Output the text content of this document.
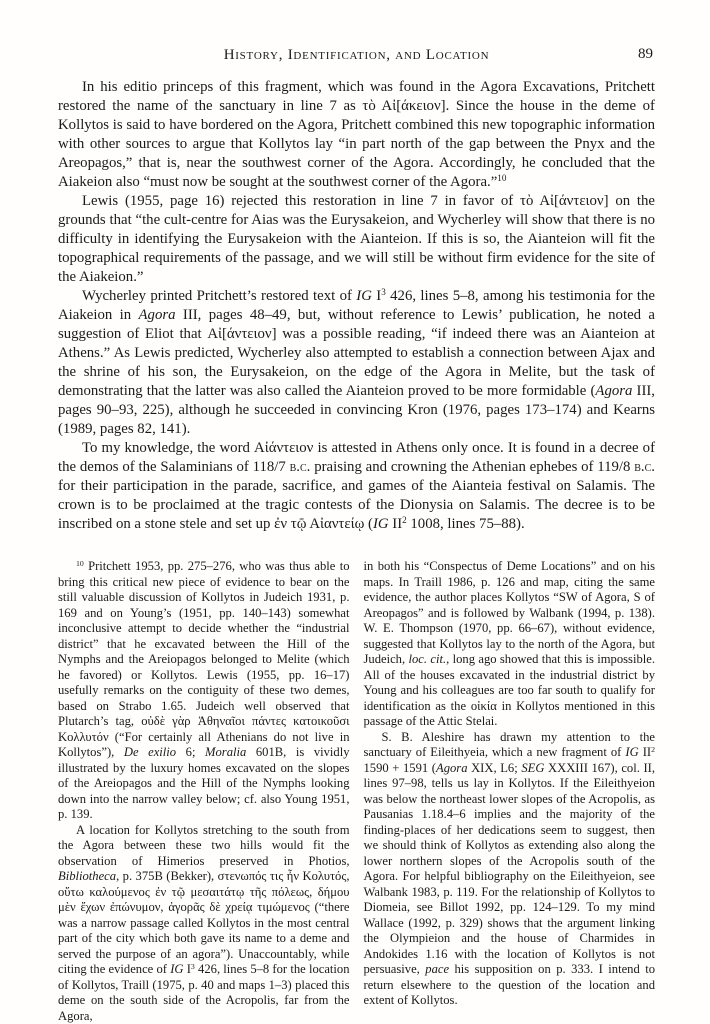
History, Identification, and Location	89

In his editio princeps of this fragment, which was found in the Agora Excavations, Pritchett restored the name of the sanctuary in line 7 as τὸ Αἰ[άκειον]. Since the house in the deme of Kollytos is said to have bordered on the Agora, Pritchett combined this new topographic information with other sources to argue that Kollytos lay “in part north of the gap between the Pnyx and the Areopagos,” that is, near the southwest corner of the Agora. Accordingly, he concluded that the Aiakeion also “must now be sought at the southwest corner of the Agora.”$^{10}$

Lewis (1955, page 16) rejected this restoration in line 7 in favor of τὸ Αἰ[άντειον] on the grounds that “the cult-centre for Aias was the Eurysakeion, and Wycherley will show that there is no difficulty in identifying the Eurysakeion with the Aianteion. If this is so, the Aianteion will fit the topographical requirements of the passage, and we will still be without firm evidence for the site of the Aiakeion.”

Wycherley printed Pritchett’s restored text of IG $I^3$ 426, lines 5–8, among his testimonia for the Aiakeion in Agora III, pages 48–49, but, without reference to Lewis’ publication, he noted a suggestion of Eliot that Αἰ[άντειον] was a possible reading, “if indeed there was an Aianteion at Athens.” As Lewis predicted, Wycherley also attempted to establish a connection between Ajax and the shrine of his son, the Eurysakeion, on the edge of the Agora in Melite, but the task of demonstrating that the latter was also called the Aianteion proved to be more formidable (Agora III, pages 90–93, 225), although he succeeded in convincing Kron (1976, pages 173–174) and Kearns (1989, pages 82, 141).

To my knowledge, the word Αἰάντειον is attested in Athens only once. It is found in a decree of the demos of the Salaminians of 118/7 b.c. praising and crowning the Athenian ephebes of 119/8 b.c. for their participation in the parade, sacrifice, and games of the Aianteia festival on Salamis. The crown is to be proclaimed at the tragic contests of the Dionysia on Salamis. The decree is to be inscribed on a stone stele and set up ἐν τῷ Αἰαντείῳ (IG $II^2$ 1008, lines 75–88).

$^{10}$ Pritchett 1953, pp. 275–276, who was thus able to bring this critical new piece of evidence to bear on the still valuable discussion of Kollytos in Judeich 1931, p. 169 and on Young’s (1951, pp. 140–143) somewhat inconclusive attempt to decide whether the “industrial district” that he excavated between the Hill of the Nymphs and the Areiopagos belonged to Melite (which he favored) or Kollytos. Lewis (1955, pp. 16–17) usefully remarks on the contiguity of these two demes, based on Strabo 1.65. Judeich well observed that Plutarch’s tag, οὐδὲ γὰρ Ἀθηναῖοι πάντες κατοικοῦσι Κολλυτόν (“For certainly all Athenians do not live in Kollytos”), De exilio 6; Moralia 601B, is vividly illustrated by the luxury homes excavated on the slopes of the Areiopagos and the Hill of the Nymphs looking down into the narrow valley below; cf. also Young 1951, p. 139.

A location for Kollytos stretching to the south from the Agora between these two hills would fit the observation of Himerios preserved in Photios, Bibliotheca, p. 375B (Bekker), στενωπός τις ἦν Κολυτός, οὕτω καλούμενος ἐν τῷ μεσαιτάτῳ τῆς πόλεως, δήμου μὲν ἔχων ἐπώνυμον, ἀγορᾶς δὲ χρείᾳ τιμώμενος (“there was a narrow passage called Kollytos in the most central part of the city which both gave its name to a deme and served the purpose of an agora”). Unaccountably, while citing the evidence of IG $I^3$ 426, lines 5–8 for the location of Kollytos, Traill (1975, p. 40 and maps 1–3) placed this deme on the south side of the Acropolis, far from the Agora,

in both his “Conspectus of Deme Locations” and on his maps. In Traill 1986, p. 126 and map, citing the same evidence, the author places Kollytos “SW of Agora, S of Areopagos” and is followed by Walbank (1994, p. 138). W. E. Thompson (1970, pp. 66–67), without evidence, suggested that Kollytos lay to the north of the Agora, but Judeich, loc. cit., long ago showed that this is impossible. All of the houses excavated in the industrial district by Young and his colleagues are too far south to qualify for identification as the οἰκία in Kollytos mentioned in this passage of the Attic Stelai.

S. B. Aleshire has drawn my attention to the sanctuary of Eileithyeia, which a new fragment of IG $II^2$ 1590 + 1591 (Agora XIX, L6; SEG XXXIII 167), col. II, lines 97–98, tells us lay in Kollytos. If the Eileithyeion was below the northeast lower slopes of the Acropolis, as Pausanias 1.18.4–6 implies and the majority of the finding-places of her dedications seem to suggest, then we should think of Kollytos as extending also along the lower northern slopes of the Acropolis south of the Agora. For helpful bibliography on the Eileithyeion, see Walbank 1983, p. 119. For the relationship of Kollytos to Diomeia, see Billot 1992, pp. 124–129. To my mind Wallace (1992, p. 329) shows that the argument linking the Olympieion and the house of Charmides in Andokides 1.16 with the location of Kollytos is not persuasive, pace his supposition on p. 333. I intend to return elsewhere to the question of the location and extent of Kollytos.
